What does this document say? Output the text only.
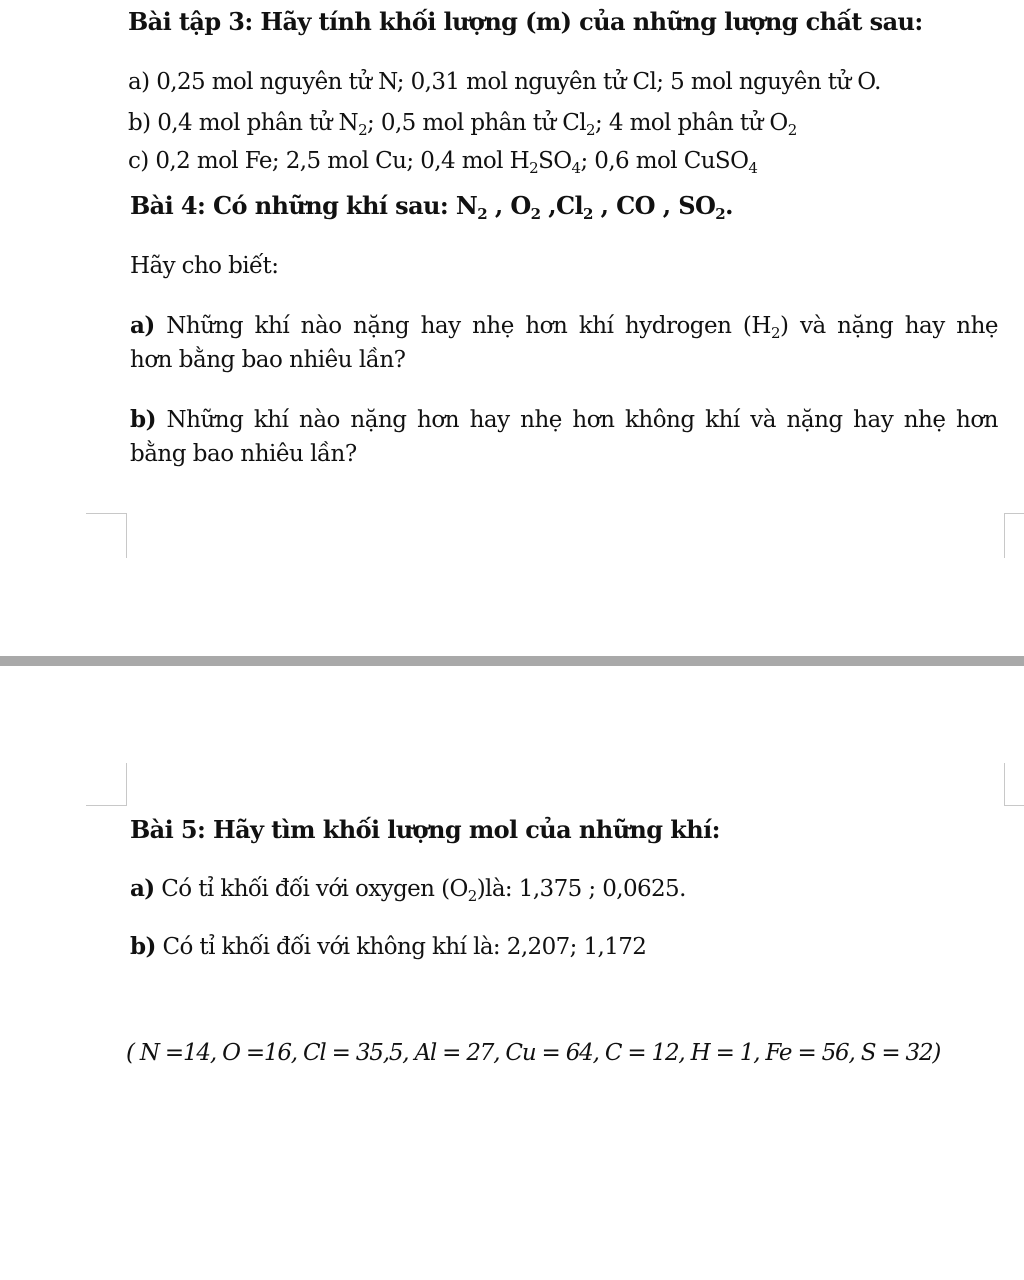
Bài tập 3: Hãy tính khối lượng (m) của những lượng chất sau:
a) 0,25 mol nguyên tử N; 0,31 mol nguyên tử Cl; 5 mol nguyên tử O.
b) 0,4 mol phân tử $N_2$; 0,5 mol phân tử $Cl_2$; 4 mol phân tử $O_2$
c) 0,2 mol Fe; 2,5 mol Cu; 0,4 mol $H_2SO_4$; 0,6 mol CuSO$_4$
Bài 4: Có những khí sau: $N_2$ , $O_2$ $,Cl_2$ , CO , $SO_2$.
Hãy cho biết:
a) Những khí nào nặng hay nhẹ hơn khí hydrogen $(H_2)$ và nặng hay nhẹ
hơn bằng bao nhiêu lần?
b) Những khí nào nặng hơn hay nhẹ hơn không khí và nặng hay nhẹ hơn
bằng bao nhiêu lần?
Bài 5: Hãy tìm khối lượng mol của những khí:
a) Có tỉ khối đối với oxygen $(O_2)là$: 1,375 ; 0,0625.
b) Có tỉ khối đối với không khí là: 2,207; 1,172
( N =14, O =16, Cl = 35,5, Al = 27, Cu = 64, C = 12, H = 1, Fe = 56, S = 32)
